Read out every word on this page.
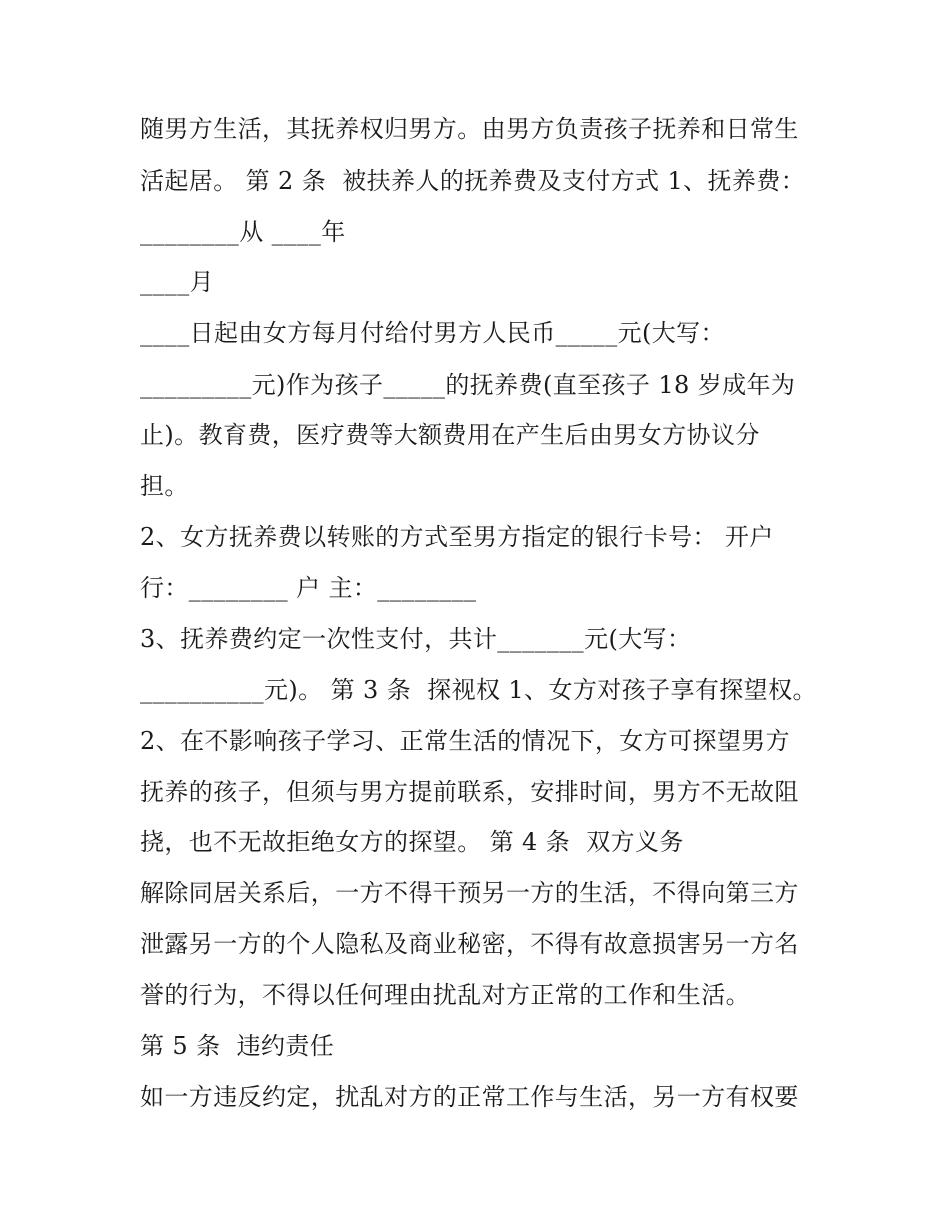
随男方生活，其抚养权归男方。由男方负责孩子抚养和日常生
活起居。 第 2 条  被扶养人的抚养费及支付方式 1、抚养费：
________从 ____年
____月
____日起由女方每月付给付男方人民币_____元(大写：
_________元)作为孩子_____的抚养费(直至孩子 18 岁成年为
止)。教育费，医疗费等大额费用在产生后由男女方协议分
担。
2、女方抚养费以转账的方式至男方指定的银行卡号： 开户
行：________ 户 主：________
3、抚养费约定一次性支付，共计_______元(大写：
__________元)。 第 3 条  探视权 1、女方对孩子享有探望权。
2、在不影响孩子学习、正常生活的情况下，女方可探望男方
抚养的孩子，但须与男方提前联系，安排时间，男方不无故阻
挠，也不无故拒绝女方的探望。 第 4 条  双方义务
解除同居关系后，一方不得干预另一方的生活，不得向第三方
泄露另一方的个人隐私及商业秘密，不得有故意损害另一方名
誉的行为，不得以任何理由扰乱对方正常的工作和生活。
第 5 条  违约责任
如一方违反约定，扰乱对方的正常工作与生活，另一方有权要
